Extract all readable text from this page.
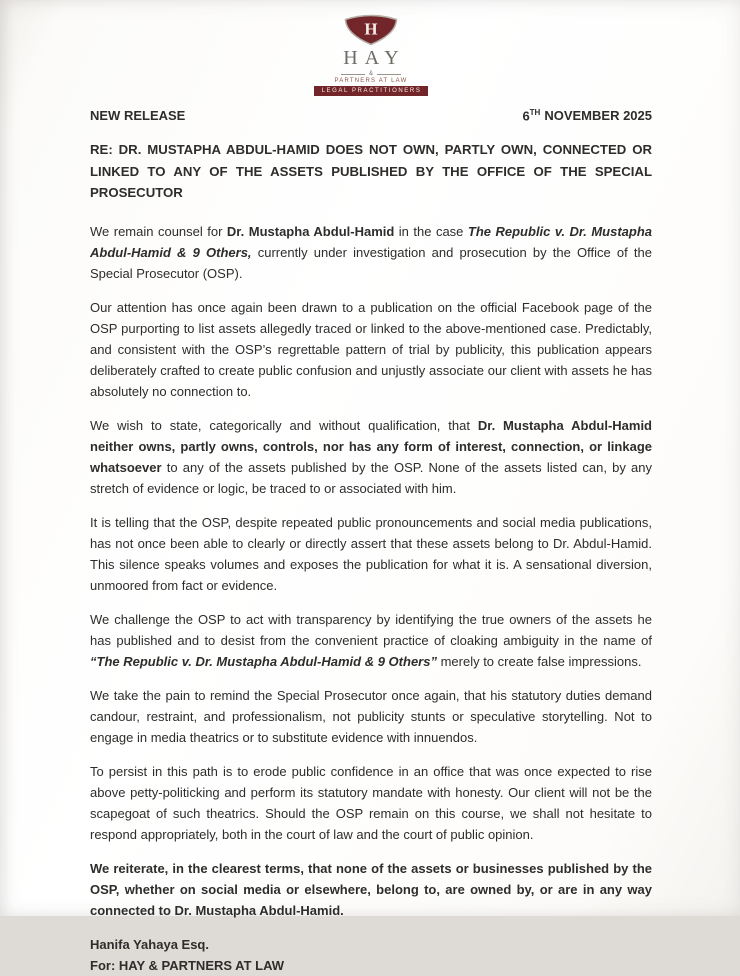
H
HAY
&
PARTNERS AT LAW
LEGAL PRACTITIONERS
NEW RELEASE	6TH NOVEMBER 2025

RE: DR. MUSTAPHA ABDUL-HAMID DOES NOT OWN, PARTLY OWN, CONNECTED OR LINKED TO ANY OF THE ASSETS PUBLISHED BY THE OFFICE OF THE SPECIAL PROSECUTOR

We remain counsel for Dr. Mustapha Abdul-Hamid in the case The Republic v. Dr. Mustapha Abdul-Hamid & 9 Others, currently under investigation and prosecution by the Office of the Special Prosecutor (OSP).

Our attention has once again been drawn to a publication on the official Facebook page of the OSP purporting to list assets allegedly traced or linked to the above-mentioned case. Predictably, and consistent with the OSP’s regrettable pattern of trial by publicity, this publication appears deliberately crafted to create public confusion and unjustly associate our client with assets he has absolutely no connection to.

We wish to state, categorically and without qualification, that Dr. Mustapha Abdul-Hamid neither owns, partly owns, controls, nor has any form of interest, connection, or linkage whatsoever to any of the assets published by the OSP. None of the assets listed can, by any stretch of evidence or logic, be traced to or associated with him.

It is telling that the OSP, despite repeated public pronouncements and social media publications, has not once been able to clearly or directly assert that these assets belong to Dr. Abdul-Hamid. This silence speaks volumes and exposes the publication for what it is. A sensational diversion, unmoored from fact or evidence.

We challenge the OSP to act with transparency by identifying the true owners of the assets he has published and to desist from the convenient practice of cloaking ambiguity in the name of “The Republic v. Dr. Mustapha Abdul-Hamid & 9 Others” merely to create false impressions.

We take the pain to remind the Special Prosecutor once again, that his statutory duties demand candour, restraint, and professionalism, not publicity stunts or speculative storytelling. Not to engage in media theatrics or to substitute evidence with innuendos.

To persist in this path is to erode public confidence in an office that was once expected to rise above petty-politicking and perform its statutory mandate with honesty. Our client will not be the scapegoat of such theatrics. Should the OSP remain on this course, we shall not hesitate to respond appropriately, both in the court of law and the court of public opinion.

We reiterate, in the clearest terms, that none of the assets or businesses published by the OSP, whether on social media or elsewhere, belong to, are owned by, or are in any way connected to Dr. Mustapha Abdul-Hamid.

Hanifa Yahaya Esq.
For: HAY & PARTNERS AT LAW
